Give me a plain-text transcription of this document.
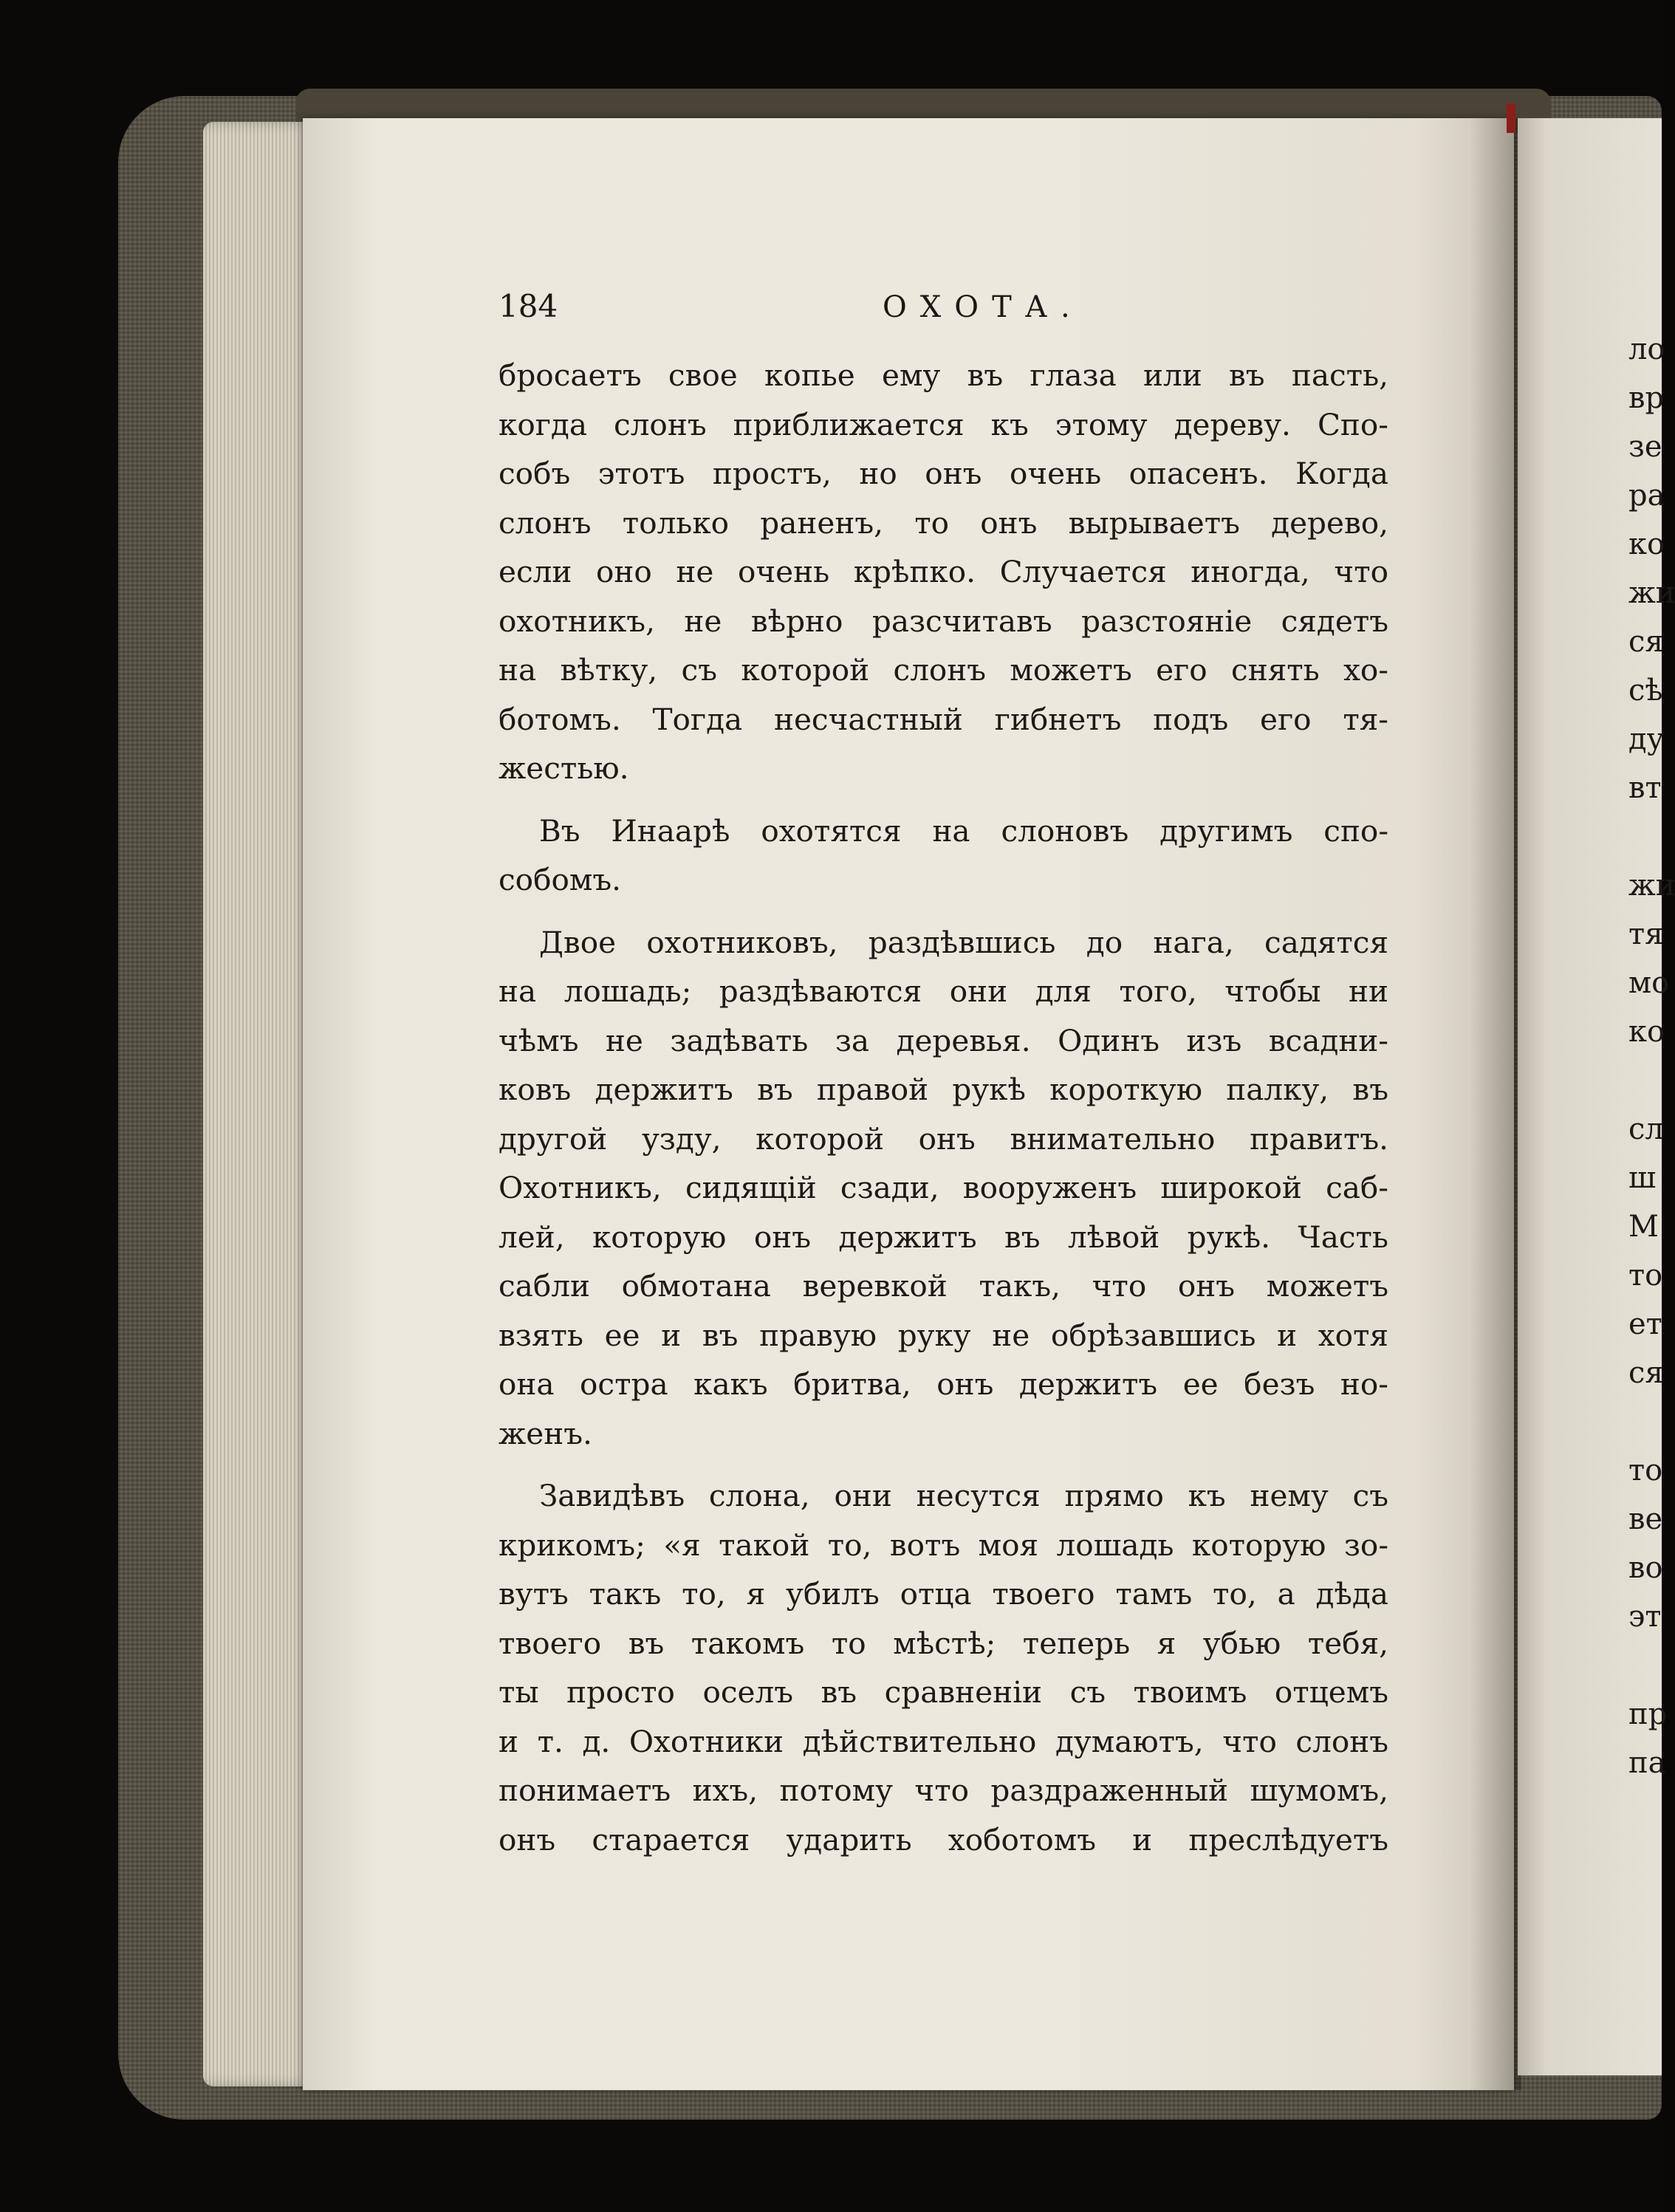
184	ОХОТА.
бросаетъ свое копье ему въ глаза или въ пасть,
когда слонъ приближается къ этому дереву. Спо-
собъ этотъ простъ, но онъ очень опасенъ. Когда
слонъ только раненъ, то онъ вырываетъ дерево,
если оно не очень крѣпко. Случается иногда, что
охотникъ, не вѣрно разсчитавъ разстояніе сядетъ
на вѣтку, съ которой слонъ можетъ его снять хо-
ботомъ. Тогда несчастный гибнетъ подъ его тя-
жестью.
Въ Инаарѣ охотятся на слоновъ другимъ спо-
собомъ.
Двое охотниковъ, раздѣвшись до нага, садятся
на лошадь; раздѣваются они для того, чтобы ни
чѣмъ не задѣвать за деревья. Одинъ изъ всадни-
ковъ держитъ въ правой рукѣ короткую палку, въ
другой узду, которой онъ внимательно правитъ.
Охотникъ, сидящій сзади, вооруженъ широкой саб-
лей, которую онъ держитъ въ лѣвой рукѣ. Часть
сабли обмотана веревкой такъ, что онъ можетъ
взять ее и въ правую руку не обрѣзавшись и хотя
она остра какъ бритва, онъ держитъ ее безъ но-
женъ.
Завидѣвъ слона, они несутся прямо къ нему съ
крикомъ; «я такой то, вотъ моя лошадь которую зо-
вутъ такъ то, я убилъ отца твоего тамъ то, а дѣда
твоего въ такомъ то мѣстѣ; теперь я убью тебя,
ты просто оселъ въ сравненіи съ твоимъ отцемъ
и т. д. Охотники дѣйствительно думаютъ, что слонъ
понимаетъ ихъ, потому что раздраженный шумомъ,
онъ старается ударить хоботомъ и преслѣдуетъ
ло
вр
зе
ра
ко
жи
ся
сѣ
ду
вт
жи
тя
мо
ко
сл
ш
М
то
ет
ся
то
ве
во
эт
пр
па
